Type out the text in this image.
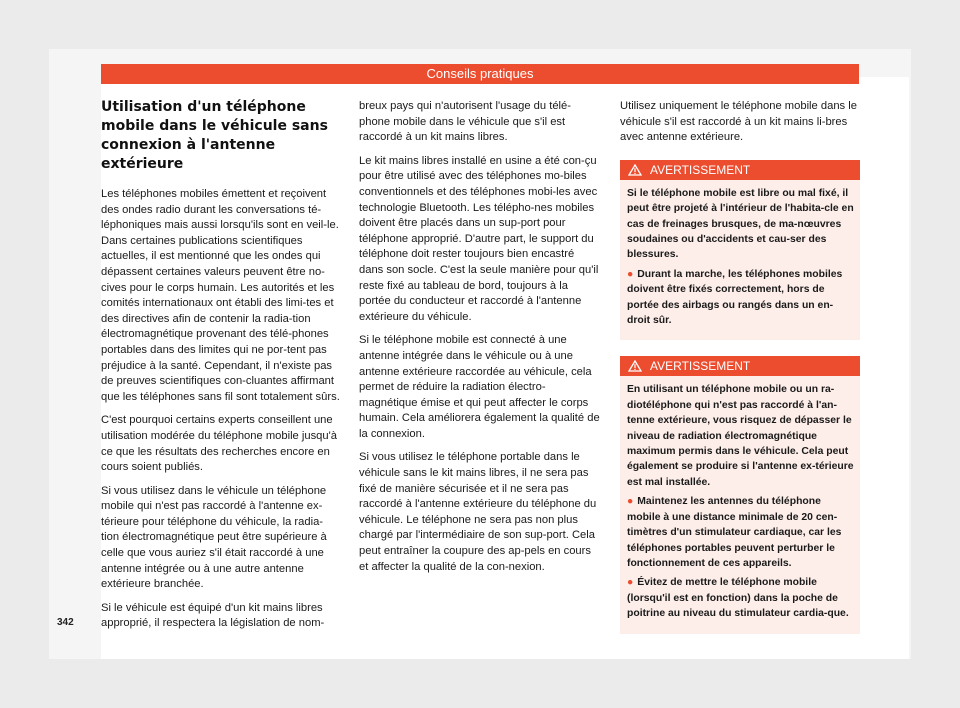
Conseils pratiques
Utilisation d'un téléphone mobile dans le véhicule sans connexion à l'antenne extérieure

Les téléphones mobiles émettent et reçoivent des ondes radio durant les conversations té-léphoniques mais aussi lorsqu'ils sont en veil-le. Dans certaines publications scientifiques actuelles, il est mentionné que les ondes qui dépassent certaines valeurs peuvent être no-cives pour le corps humain. Les autorités et les comités internationaux ont établi des limi-tes et des directives afin de contenir la radia-tion électromagnétique provenant des télé-phones portables dans des limites qui ne por-tent pas préjudice à la santé. Cependant, il n'existe pas de preuves scientifiques con-cluantes affirmant que les téléphones sans fil sont totalement sûrs.

C'est pourquoi certains experts conseillent une utilisation modérée du téléphone mobile jusqu'à ce que les résultats des recherches encore en cours soient publiés.

Si vous utilisez dans le véhicule un téléphone mobile qui n'est pas raccordé à l'antenne ex-térieure pour téléphone du véhicule, la radia-tion électromagnétique peut être supérieure à celle que vous auriez s'il était raccordé à une antenne intégrée ou à une autre antenne extérieure branchée.

Si le véhicule est équipé d'un kit mains libres approprié, il respectera la législation de nom-

breux pays qui n'autorisent l'usage du télé-phone mobile dans le véhicule que s'il est raccordé à un kit mains libres.

Le kit mains libres installé en usine a été con-çu pour être utilisé avec des téléphones mo-biles conventionnels et des téléphones mobi-les avec technologie Bluetooth. Les télépho-nes mobiles doivent être placés dans un sup-port pour téléphone approprié. D'autre part, le support du téléphone doit rester toujours bien encastré dans son socle. C'est la seule manière pour qu'il reste fixé au tableau de bord, toujours à la portée du conducteur et raccordé à l'antenne extérieure du véhicule.

Si le téléphone mobile est connecté à une antenne intégrée dans le véhicule ou à une antenne extérieure raccordée au véhicule, cela permet de réduire la radiation électro-magnétique émise et qui peut affecter le corps humain. Cela améliorera également la qualité de la connexion.

Si vous utilisez le téléphone portable dans le véhicule sans le kit mains libres, il ne sera pas fixé de manière sécurisée et il ne sera pas raccordé à l'antenne extérieure du téléphone du véhicule. Le téléphone ne sera pas non plus chargé par l'intermédiaire de son sup-port. Cela peut entraîner la coupure des ap-pels en cours et affecter la qualité de la con-nexion.

Utilisez uniquement le téléphone mobile dans le véhicule s'il est raccordé à un kit mains li-bres avec antenne extérieure.

AVERTISSEMENT

Si le téléphone mobile est libre ou mal fixé, il peut être projeté à l'intérieur de l'habita-cle en cas de freinages brusques, de ma-nœuvres soudaines ou d'accidents et cau-ser des blessures.

● Durant la marche, les téléphones mobiles doivent être fixés correctement, hors de portée des airbags ou rangés dans un en-droit sûr.

AVERTISSEMENT

En utilisant un téléphone mobile ou un ra-diotéléphone qui n'est pas raccordé à l'an-tenne extérieure, vous risquez de dépasser le niveau de radiation électromagnétique maximum permis dans le véhicule. Cela peut également se produire si l'antenne ex-térieure est mal installée.

● Maintenez les antennes du téléphone mobile à une distance minimale de 20 cen-timètres d'un stimulateur cardiaque, car les téléphones portables peuvent perturber le fonctionnement de ces appareils.

● Évitez de mettre le téléphone mobile (lorsqu'il est en fonction) dans la poche de poitrine au niveau du stimulateur cardia-que.

342
